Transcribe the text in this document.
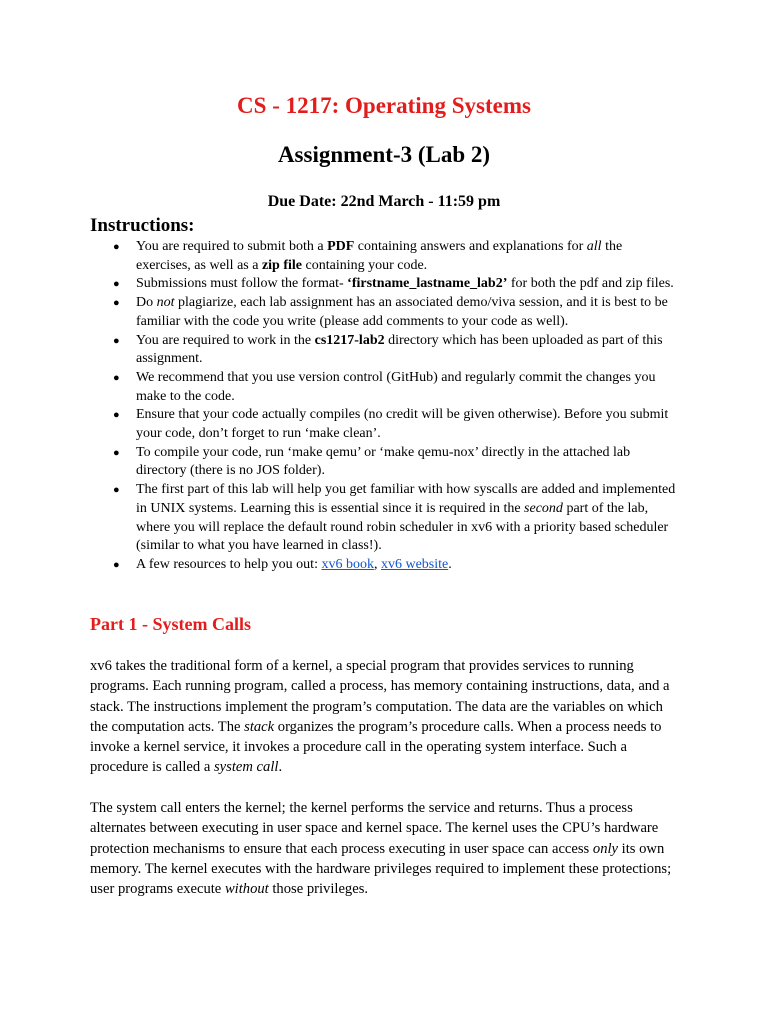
CS - 1217: Operating Systems
Assignment-3 (Lab 2)

Due Date: 22nd March - 11:59 pm

Instructions:
● You are required to submit both a PDF containing answers and explanations for all the exercises, as well as a zip file containing your code.
● Submissions must follow the format- ‘firstname_lastname_lab2’ for both the pdf and zip files.
● Do not plagiarize, each lab assignment has an associated demo/viva session, and it is best to be familiar with the code you write (please add comments to your code as well).
● You are required to work in the cs1217-lab2 directory which has been uploaded as part of this assignment.
● We recommend that you use version control (GitHub) and regularly commit the changes you make to the code.
● Ensure that your code actually compiles (no credit will be given otherwise). Before you submit your code, don’t forget to run ‘make clean’.
● To compile your code, run ‘make qemu’ or ‘make qemu-nox’ directly in the attached lab directory (there is no JOS folder).
● The first part of this lab will help you get familiar with how syscalls are added and implemented in UNIX systems. Learning this is essential since it is required in the second part of the lab, where you will replace the default round robin scheduler in xv6 with a priority based scheduler (similar to what you have learned in class!).
● A few resources to help you out: xv6 book, xv6 website.
Part 1 - System Calls

xv6 takes the traditional form of a kernel, a special program that provides services to running programs. Each running program, called a process, has memory containing instructions, data, and a stack. The instructions implement the program’s computation. The data are the variables on which the computation acts. The stack organizes the program’s procedure calls. When a process needs to invoke a kernel service, it invokes a procedure call in the operating system interface. Such a procedure is called a system call.

The system call enters the kernel; the kernel performs the service and returns. Thus a process alternates between executing in user space and kernel space. The kernel uses the CPU’s hardware protection mechanisms to ensure that each process executing in user space can access only its own memory. The kernel executes with the hardware privileges required to implement these protections; user programs execute without those privileges.
